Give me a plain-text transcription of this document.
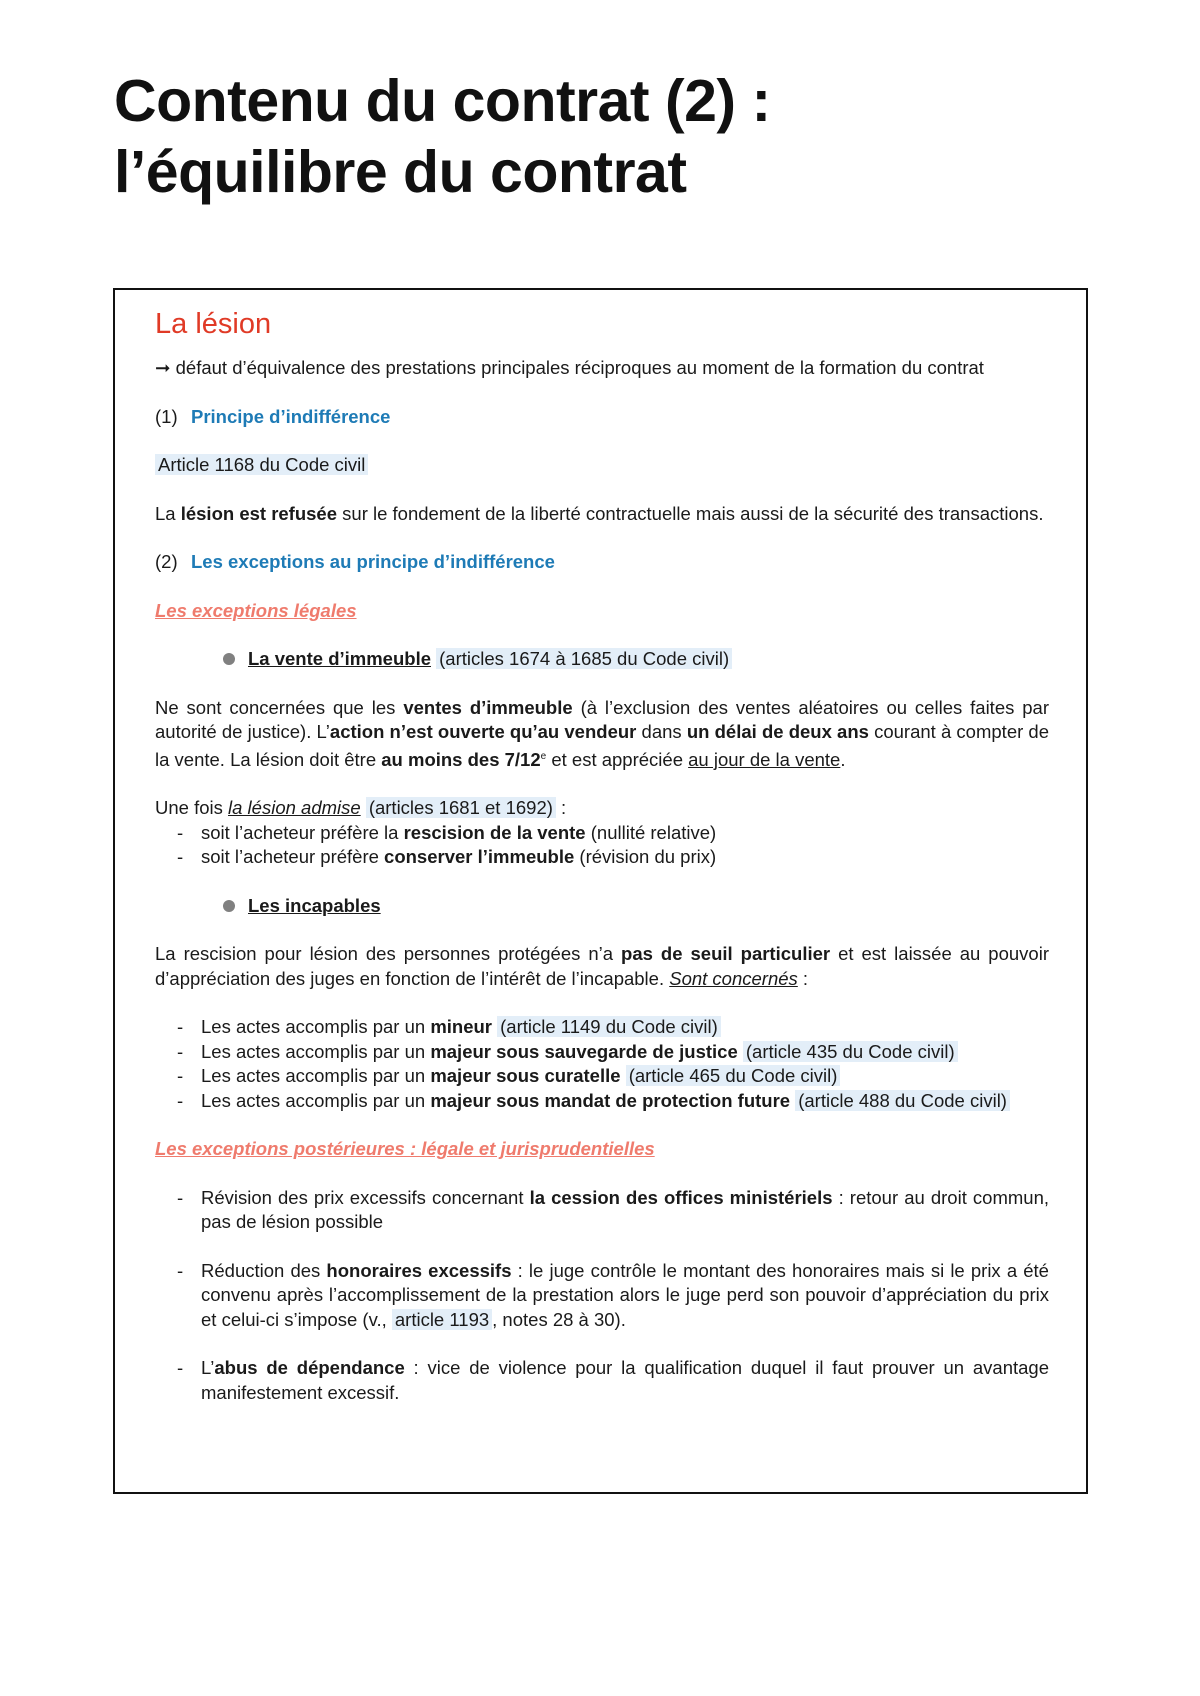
Contenu du contrat (2) :
l’équilibre du contrat
La lésion

➞ défaut d’équivalence des prestations principales réciproques au moment de la formation du contrat

(1) Principe d’indifférence

Article 1168 du Code civil

La lésion est refusée sur le fondement de la liberté contractuelle mais aussi de la sécurité des transactions.

(2) Les exceptions au principe d’indifférence

Les exceptions légales

La vente d’immeuble (articles 1674 à 1685 du Code civil)

Ne sont concernées que les ventes d’immeuble (à l’exclusion des ventes aléatoires ou celles faites par autorité de justice). L’action n’est ouverte qu’au vendeur dans un délai de deux ans courant à compter de la vente. La lésion doit être au moins des 7/12e et est appréciée au jour de la vente.

Une fois la lésion admise (articles 1681 et 1692) :

- soit l’acheteur préfère la rescision de la vente (nullité relative)
- soit l’acheteur préfère conserver l’immeuble (révision du prix)
Les incapables

La rescision pour lésion des personnes protégées n’a pas de seuil particulier et est laissée au pouvoir d’appréciation des juges en fonction de l’intérêt de l’incapable. Sont concernés :

- Les actes accomplis par un mineur (article 1149 du Code civil)
- Les actes accomplis par un majeur sous sauvegarde de justice (article 435 du Code civil)
- Les actes accomplis par un majeur sous curatelle (article 465 du Code civil)
- Les actes accomplis par un majeur sous mandat de protection future (article 488 du Code civil)

Les exceptions postérieures : légale et jurisprudentielles

- Révision des prix excessifs concernant la cession des offices ministériels : retour au droit commun, pas de lésion possible
- Réduction des honoraires excessifs : le juge contrôle le montant des honoraires mais si le prix a été convenu après l’accomplissement de la prestation alors le juge perd son pouvoir d’appréciation du prix et celui-ci s’impose (v., article 1193 , notes 28 à 30).
- L’abus de dépendance : vice de violence pour la qualification duquel il faut prouver un avantage manifestement excessif.
